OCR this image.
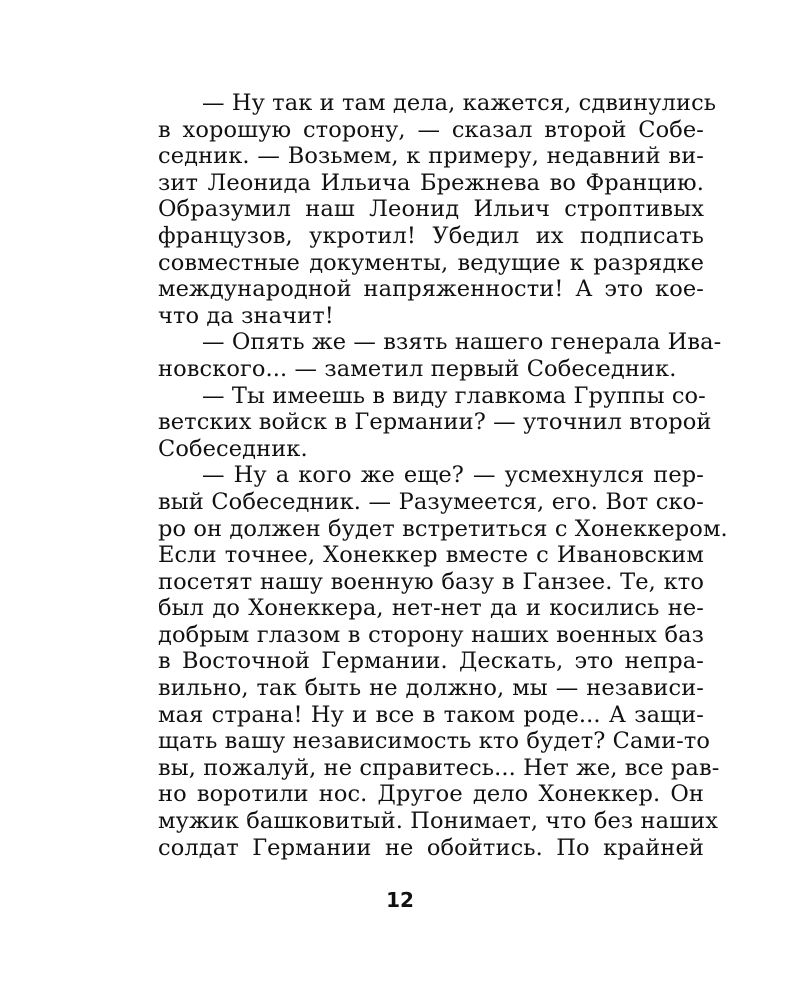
— Ну так и там дела, кажется, сдвинулись
в хорошую сторону, — сказал второй Собе-
седник. — Возьмем, к примеру, недавний ви-
зит Леонида Ильича Брежнева во Францию.
Образумил наш Леонид Ильич строптивых
французов, укротил! Убедил их подписать
совместные документы, ведущие к разрядке
международной напряженности! А это кое-
что да значит!
— Опять же — взять нашего генерала Ива-
новского... — заметил первый Собеседник.
— Ты имеешь в виду главкома Группы со-
ветских войск в Германии? — уточнил второй
Собеседник.
— Ну а кого же еще? — усмехнулся пер-
вый Собеседник. — Разумеется, его. Вот ско-
ро он должен будет встретиться с Хонеккером.
Если точнее, Хонеккер вместе с Ивановским
посетят нашу военную базу в Ганзее. Те, кто
был до Хонеккера, нет-нет да и косились не-
добрым глазом в сторону наших военных баз
в Восточной Германии. Дескать, это непра-
вильно, так быть не должно, мы — независи-
мая страна! Ну и все в таком роде... А защи-
щать вашу независимость кто будет? Сами-то
вы, пожалуй, не справитесь... Нет же, все рав-
но воротили нос. Другое дело Хонеккер. Он
мужик башковитый. Понимает, что без наших
солдат Германии не обойтись. По крайней
12
